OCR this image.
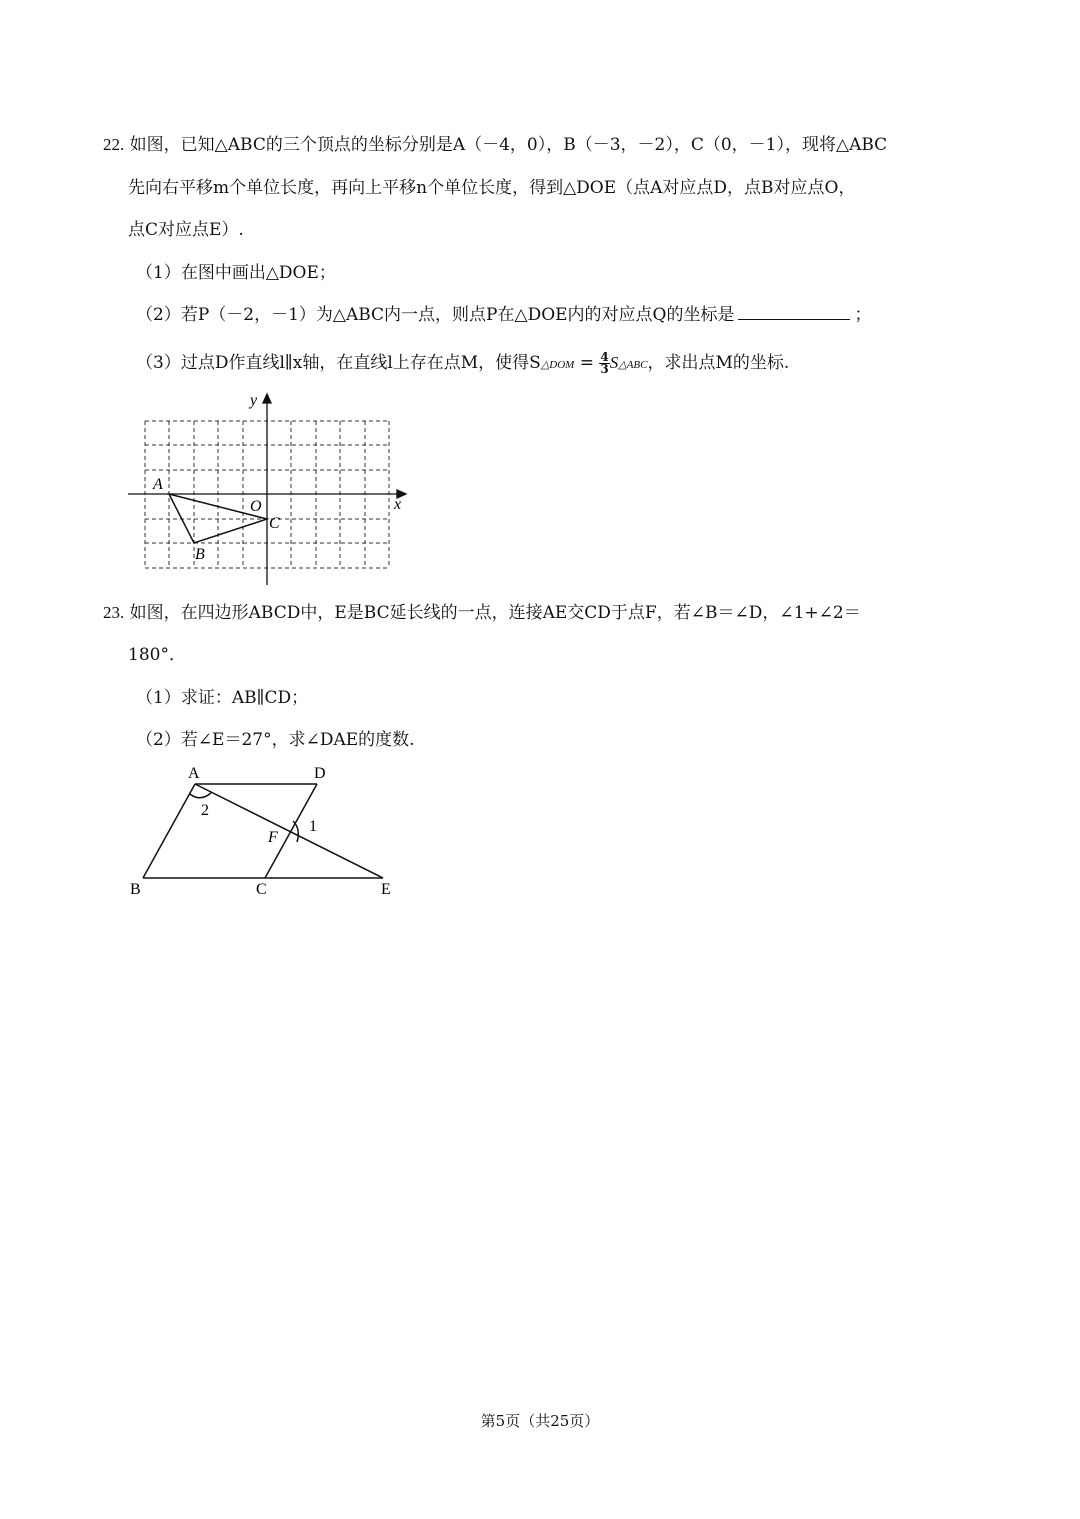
22. 如图，已知△ABC的三个顶点的坐标分别是A（－4，0），B（－3，－2），C（0，－1），现将△ABC
先向右平移m个单位长度，再向上平移n个单位长度，得到△DOE（点A对应点D，点B对应点O，
点C对应点E）.
（1）在图中画出△DOE；
（2）若P（－2，－1）为△ABC内一点，则点P在△DOE内的对应点Q的坐标是	；
（3）过点D作直线l∥x轴，在直线l上存在点M，使得S△DOM = $\frac{4}{3}$ S△ABC，求出点M的坐标.
y
x
O
A
B
C
23. 如图，在四边形ABCD中，E是BC延长线的一点，连接AE交CD于点F，若∠B＝∠D，∠1+∠2＝
180°．
（1）求证：AB∥CD；
（2）若∠E＝27°，求∠DAE的度数.
A	D
B	C	E
F
1
2
第5页（共25页）
